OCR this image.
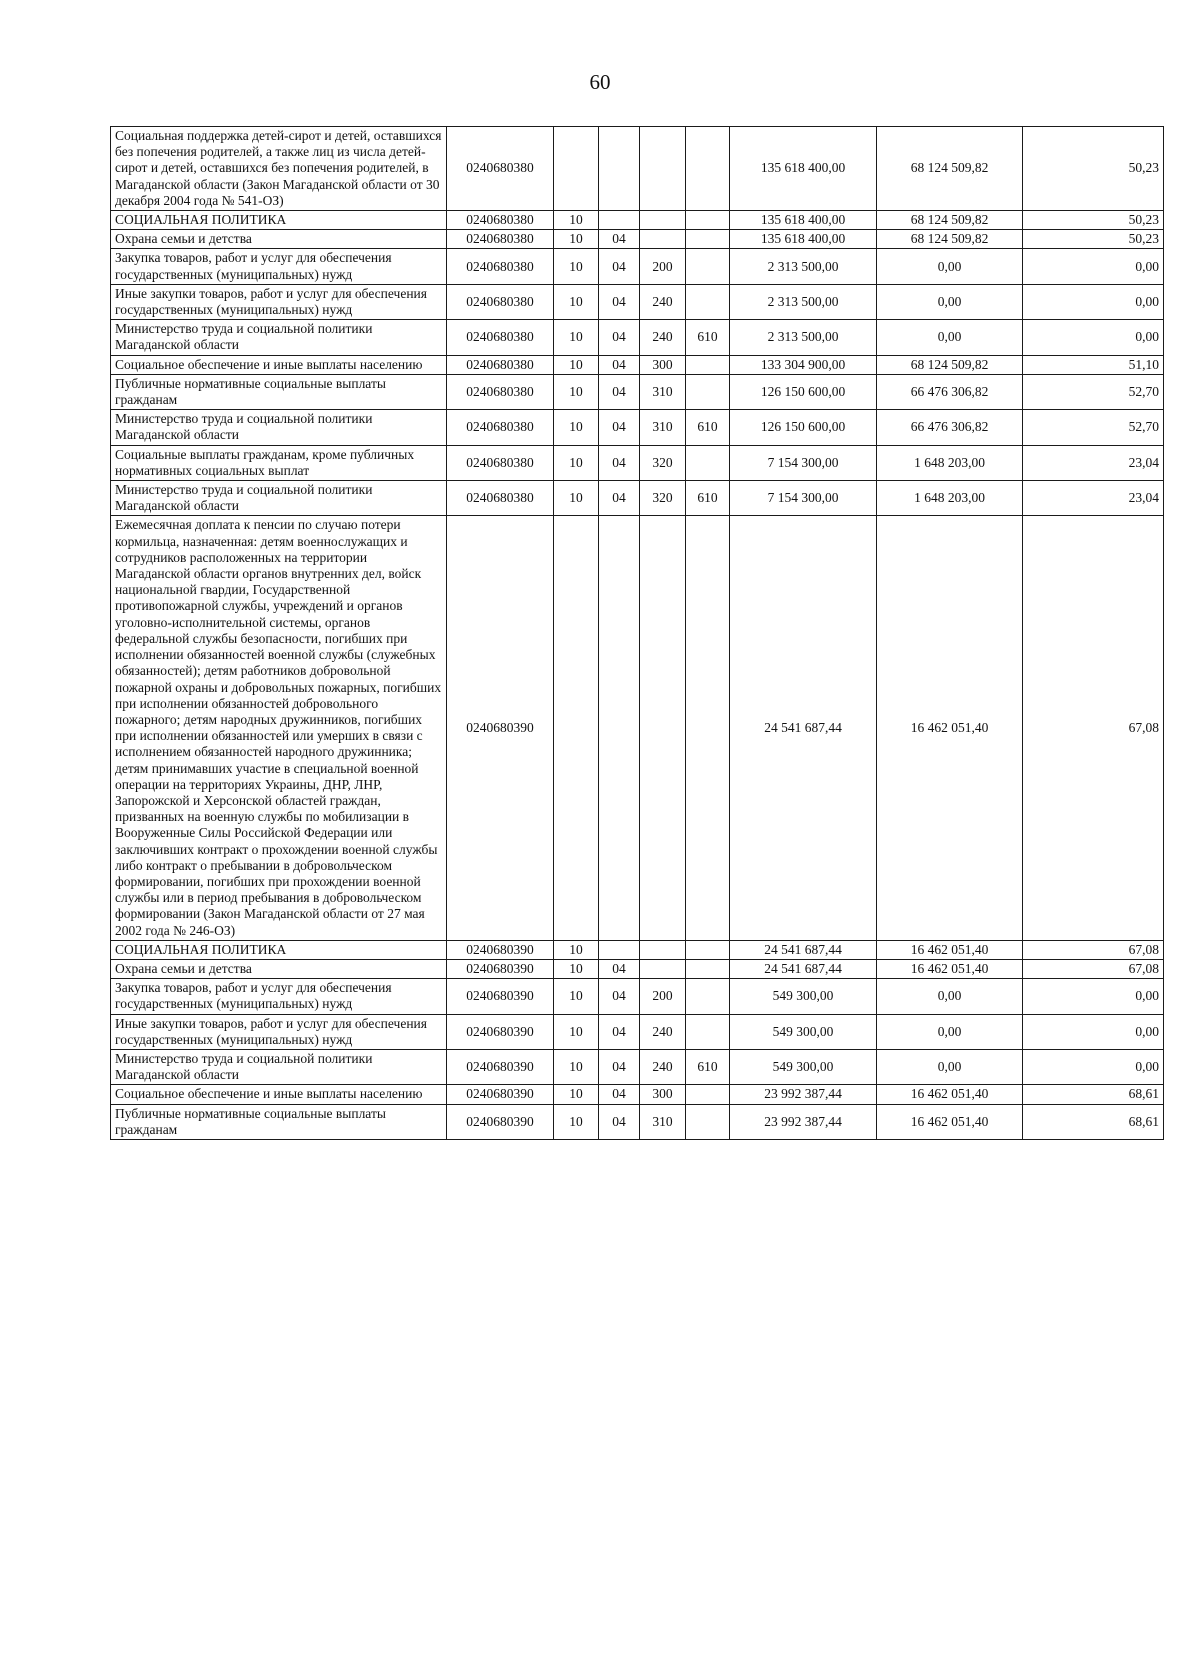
60
Социальная поддержка детей-сирот и детей, оставшихся без попечения родителей, а также лиц из числа детей-сирот и детей, оставшихся без попечения родителей, в Магаданской области (Закон Магаданской области от 30 декабря 2004 года № 541-ОЗ)	0240680380					135 618 400,00	68 124 509,82	50,23
СОЦИАЛЬНАЯ ПОЛИТИКА	0240680380	10				135 618 400,00	68 124 509,82	50,23
Охрана семьи и детства	0240680380	10	04			135 618 400,00	68 124 509,82	50,23
Закупка товаров, работ и услуг для обеспечения государственных (муниципальных) нужд	0240680380	10	04	200		2 313 500,00	0,00	0,00
Иные закупки товаров, работ и услуг для обеспечения государственных (муниципальных) нужд	0240680380	10	04	240		2 313 500,00	0,00	0,00
Министерство труда и социальной политики Магаданской области	0240680380	10	04	240	610	2 313 500,00	0,00	0,00
Социальное обеспечение и иные выплаты населению	0240680380	10	04	300		133 304 900,00	68 124 509,82	51,10
Публичные нормативные социальные выплаты гражданам	0240680380	10	04	310		126 150 600,00	66 476 306,82	52,70
Министерство труда и социальной политики Магаданской области	0240680380	10	04	310	610	126 150 600,00	66 476 306,82	52,70
Социальные выплаты гражданам, кроме публичных нормативных социальных выплат	0240680380	10	04	320		7 154 300,00	1 648 203,00	23,04
Министерство труда и социальной политики Магаданской области	0240680380	10	04	320	610	7 154 300,00	1 648 203,00	23,04
Ежемесячная доплата к пенсии по случаю потери кормильца, назначенная: детям военнослужащих и сотрудников расположенных на территории Магаданской области органов внутренних дел, войск национальной гвардии, Государственной противопожарной службы, учреждений и органов уголовно-исполнительной системы, органов федеральной службы безопасности, погибших при исполнении обязанностей военной службы (служебных обязанностей); детям работников добровольной пожарной охраны и добровольных пожарных, погибших при исполнении обязанностей добровольного пожарного; детям народных дружинников, погибших при исполнении обязанностей или умерших в связи с исполнением обязанностей народного дружинника; детям принимавших участие в специальной военной операции на территориях Украины, ДНР, ЛНР, Запорожской и Херсонской областей граждан, призванных на военную службы по мобилизации в Вооруженные Силы Российской Федерации или заключивших контракт о прохождении военной службы либо контракт о пребывании в добровольческом формировании, погибших при прохождении военной службы или в период пребывания в добровольческом формировании (Закон Магаданской области от 27 мая 2002 года № 246-ОЗ)	0240680390					24 541 687,44	16 462 051,40	67,08
СОЦИАЛЬНАЯ ПОЛИТИКА	0240680390	10				24 541 687,44	16 462 051,40	67,08
Охрана семьи и детства	0240680390	10	04			24 541 687,44	16 462 051,40	67,08
Закупка товаров, работ и услуг для обеспечения государственных (муниципальных) нужд	0240680390	10	04	200		549 300,00	0,00	0,00
Иные закупки товаров, работ и услуг для обеспечения государственных (муниципальных) нужд	0240680390	10	04	240		549 300,00	0,00	0,00
Министерство труда и социальной политики Магаданской области	0240680390	10	04	240	610	549 300,00	0,00	0,00
Социальное обеспечение и иные выплаты населению	0240680390	10	04	300		23 992 387,44	16 462 051,40	68,61
Публичные нормативные социальные выплаты гражданам	0240680390	10	04	310		23 992 387,44	16 462 051,40	68,61
